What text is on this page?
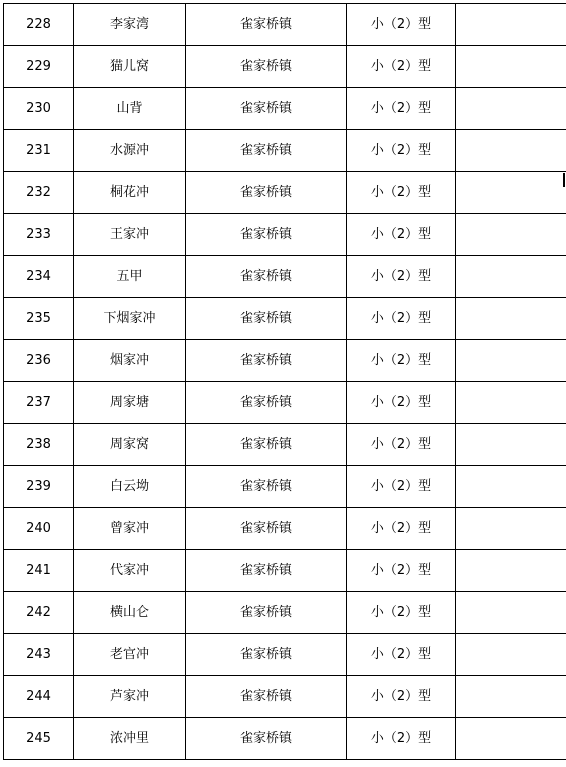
228	李家湾	雀家桥镇	小（2）型	
229	猫儿窝	雀家桥镇	小（2）型	
230	山背	雀家桥镇	小（2）型	
231	水源冲	雀家桥镇	小（2）型	
232	桐花冲	雀家桥镇	小（2）型	
233	王家冲	雀家桥镇	小（2）型	
234	五甲	雀家桥镇	小（2）型	
235	下烟家冲	雀家桥镇	小（2）型	
236	烟家冲	雀家桥镇	小（2）型	
237	周家塘	雀家桥镇	小（2）型	
238	周家窝	雀家桥镇	小（2）型	
239	白云坳	雀家桥镇	小（2）型	
240	曾家冲	雀家桥镇	小（2）型	
241	代家冲	雀家桥镇	小（2）型	
242	横山仑	雀家桥镇	小（2）型	
243	老官冲	雀家桥镇	小（2）型	
244	芦家冲	雀家桥镇	小（2）型	
245	浓冲里	雀家桥镇	小（2）型	
